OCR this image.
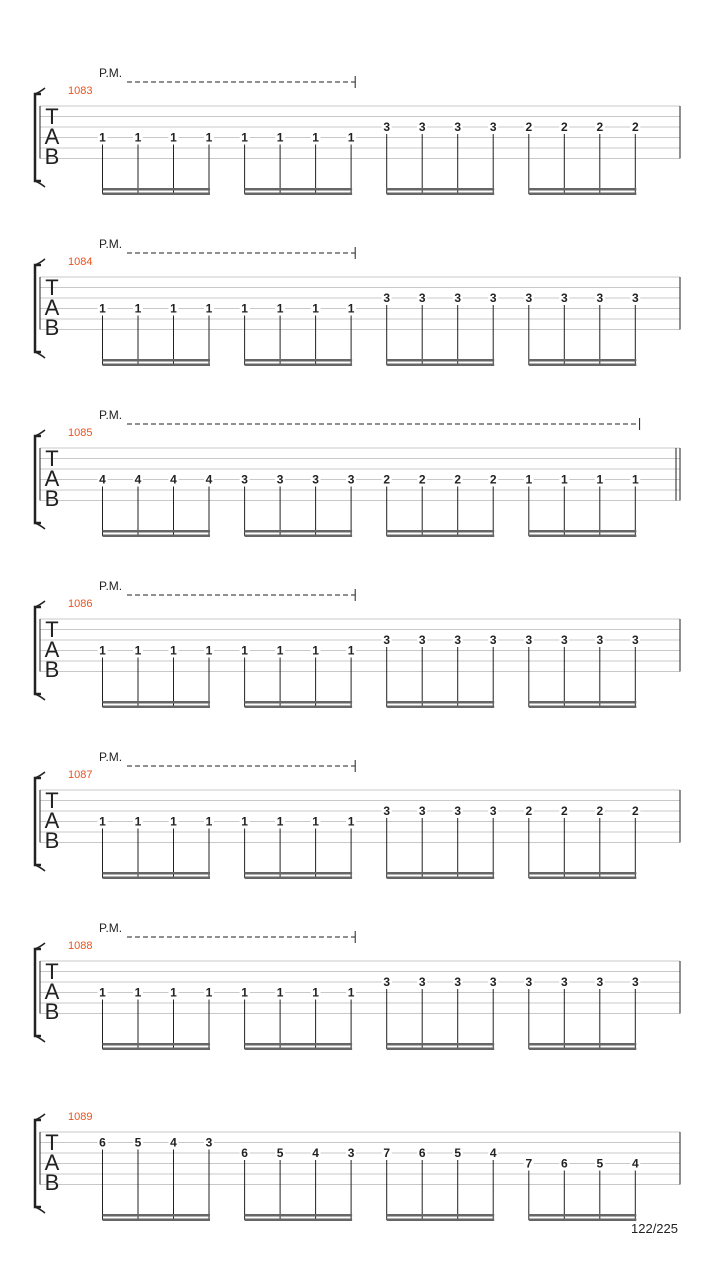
T
A
B
1083
P.M.
1 1 1 1 1 1 1 1
3 3 3 3 2 2 2 2
T
A
B
1084
P.M.
1 1 1 1 1 1 1 1
3 3 3 3 3 3 3 3
T
A
B
1085
P.M.
4 4 4 4 3 3 3 3 2 2 2 2 1 1 1 1
T
A
B
1086
P.M.
1 1 1 1 1 1 1 1
3 3 3 3 3 3 3 3
T
A
B
1087
P.M.
1 1 1 1 1 1 1 1
3 3 3 3 2 2 2 2
T
A
B
1088
P.M.
1 1 1 1 1 1 1 1
3 3 3 3 3 3 3 3
T
A
B
1089
6 5 4 3
6 5 4 3 7 6 5 4
7 6 5 4
122/225
